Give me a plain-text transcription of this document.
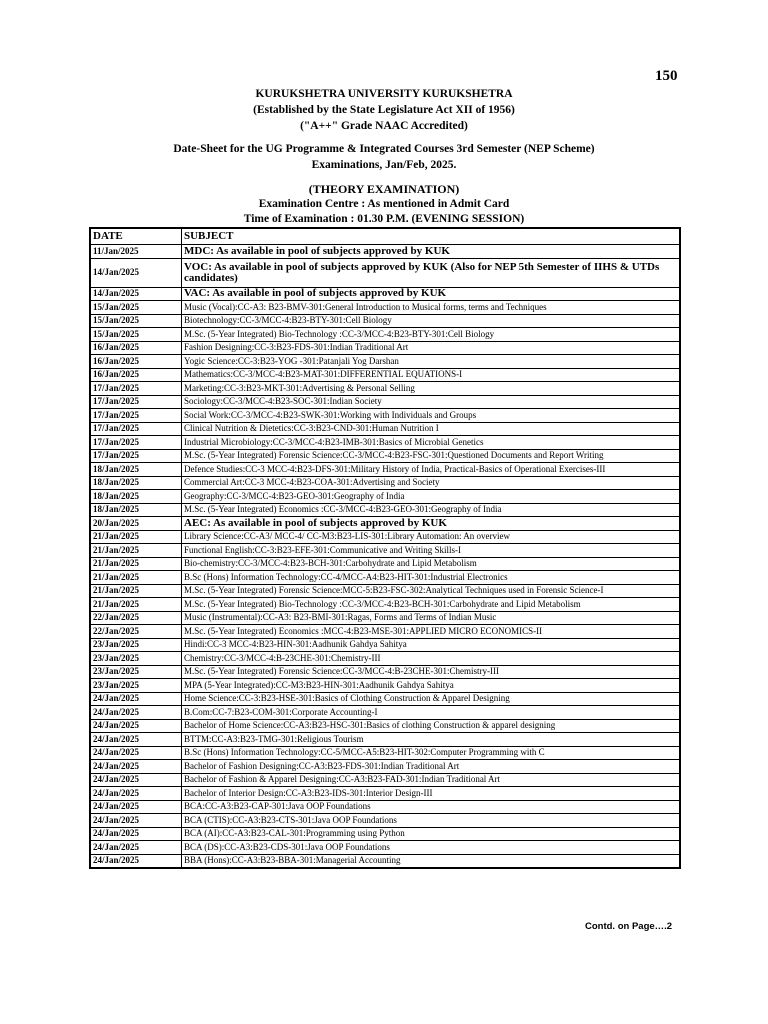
150
KURUKSHETRA UNIVERSITY KURUKSHETRA
(Established by the State Legislature Act XII of 1956)
("A++" Grade NAAC Accredited)
Date-Sheet for the UG Programme & Integrated Courses 3rd Semester (NEP Scheme)
Examinations, Jan/Feb, 2025.
(THEORY EXAMINATION)
Examination Centre : As mentioned in Admit Card
Time of Examination : 01.30 P.M. (EVENING SESSION)
DATE	SUBJECT
11/Jan/2025	MDC: As available in pool of subjects approved by KUK
14/Jan/2025	VOC: As available in pool of subjects approved by KUK (Also for NEP 5th Semester of IIHS & UTDs candidates)
14/Jan/2025	VAC: As available in pool of subjects approved by KUK
15/Jan/2025	Music (Vocal):CC-A3: B23-BMV-301:General Introduction to Musical forms, terms and Techniques
15/Jan/2025	Biotechnology:CC-3/MCC-4:B23-BTY-301:Cell Biology
15/Jan/2025	M.Sc. (5-Year Integrated) Bio-Technology :CC-3/MCC-4:B23-BTY-301:Cell Biology
16/Jan/2025	Fashion Designing:CC-3:B23-FDS-301:Indian Traditional Art
16/Jan/2025	Yogic Science:CC-3:B23-YOG -301:Patanjali Yog Darshan
16/Jan/2025	Mathematics:CC-3/MCC-4:B23-MAT-301:DIFFERENTIAL EQUATIONS-I
17/Jan/2025	Marketing:CC-3:B23-MKT-301:Advertising & Personal Selling
17/Jan/2025	Sociology:CC-3/MCC-4:B23-SOC-301:Indian Society
17/Jan/2025	Social Work:CC-3/MCC-4:B23-SWK-301:Working with Individuals and Groups
17/Jan/2025	Clinical Nutrition & Dietetics:CC-3:B23-CND-301:Human Nutrition I
17/Jan/2025	Industrial Microbiology:CC-3/MCC-4:B23-IMB-301:Basics of Microbial Genetics
17/Jan/2025	M.Sc. (5-Year Integrated) Forensic Science:CC-3/MCC-4:B23-FSC-301:Questioned Documents and Report Writing
18/Jan/2025	Defence Studies:CC-3 MCC-4:B23-DFS-301:Military History of India, Practical-Basics of Operational Exercises-III
18/Jan/2025	Commercial Art:CC-3 MCC-4:B23-COA-301:Advertising and Society
18/Jan/2025	Geography:CC-3/MCC-4:B23-GEO-301:Geography of India
18/Jan/2025	M.Sc. (5-Year Integrated) Economics :CC-3/MCC-4:B23-GEO-301:Geography of India
20/Jan/2025	AEC: As available in pool of subjects approved by KUK
21/Jan/2025	Library Science:CC-A3/ MCC-4/ CC-M3:B23-LIS-301:Library Automation: An overview
21/Jan/2025	Functional English:CC-3:B23-EFE-301:Communicative and Writing Skills-I
21/Jan/2025	Bio-chemistry:CC-3/MCC-4:B23-BCH-301:Carbohydrate and Lipid Metabolism
21/Jan/2025	B.Sc (Hons) Information Technology:CC-4/MCC-A4:B23-HIT-301:Industrial Electronics
21/Jan/2025	M.Sc. (5-Year Integrated) Forensic Science:MCC-5:B23-FSC-302:Analytical Techniques used in Forensic Science-I
21/Jan/2025	M.Sc. (5-Year Integrated) Bio-Technology :CC-3/MCC-4:B23-BCH-301:Carbohydrate and Lipid Metabolism
22/Jan/2025	Music (Instrumental):CC-A3: B23-BMI-301:Ragas, Forms and Terms of Indian Music
22/Jan/2025	M.Sc. (5-Year Integrated) Economics :MCC-4:B23-MSE-301:APPLIED MICRO ECONOMICS-II
23/Jan/2025	Hindi:CC-3 MCC-4:B23-HIN-301:Aadhunik Gahdya Sahitya
23/Jan/2025	Chemistry:CC-3/MCC-4:B-23CHE-301:Chemistry-III
23/Jan/2025	M.Sc. (5-Year Integrated) Forensic Science:CC-3/MCC-4:B-23CHE-301:Chemistry-III
23/Jan/2025	MPA (5-Year Integrated):CC-M3:B23-HIN-301:Aadhunik Gahdya Sahitya
24/Jan/2025	Home Science:CC-3:B23-HSE-301:Basics of Clothing Construction & Apparel Designing
24/Jan/2025	B.Com:CC-7:B23-COM-301:Corporate Accounting-I
24/Jan/2025	Bachelor of Home Science:CC-A3:B23-HSC-301:Basics of clothing Construction & apparel designing
24/Jan/2025	BTTM:CC-A3:B23-TMG-301:Religious Tourism
24/Jan/2025	B.Sc (Hons) Information Technology:CC-5/MCC-A5:B23-HIT-302:Computer Programming with C
24/Jan/2025	Bachelor of Fashion Designing:CC-A3:B23-FDS-301:Indian Traditional Art
24/Jan/2025	Bachelor of Fashion & Apparel Designing:CC-A3:B23-FAD-301:Indian Traditional Art
24/Jan/2025	Bachelor of Interior Design:CC-A3:B23-IDS-301:Interior Design-III
24/Jan/2025	BCA:CC-A3:B23-CAP-301:Java OOP Foundations
24/Jan/2025	BCA (CTIS):CC-A3:B23-CTS-301:Java OOP Foundations
24/Jan/2025	BCA (AI):CC-A3:B23-CAL-301:Programming using Python
24/Jan/2025	BCA (DS):CC-A3:B23-CDS-301:Java OOP Foundations
24/Jan/2025	BBA (Hons):CC-A3:B23-BBA-301:Managerial Accounting
Contd. on Page….2
